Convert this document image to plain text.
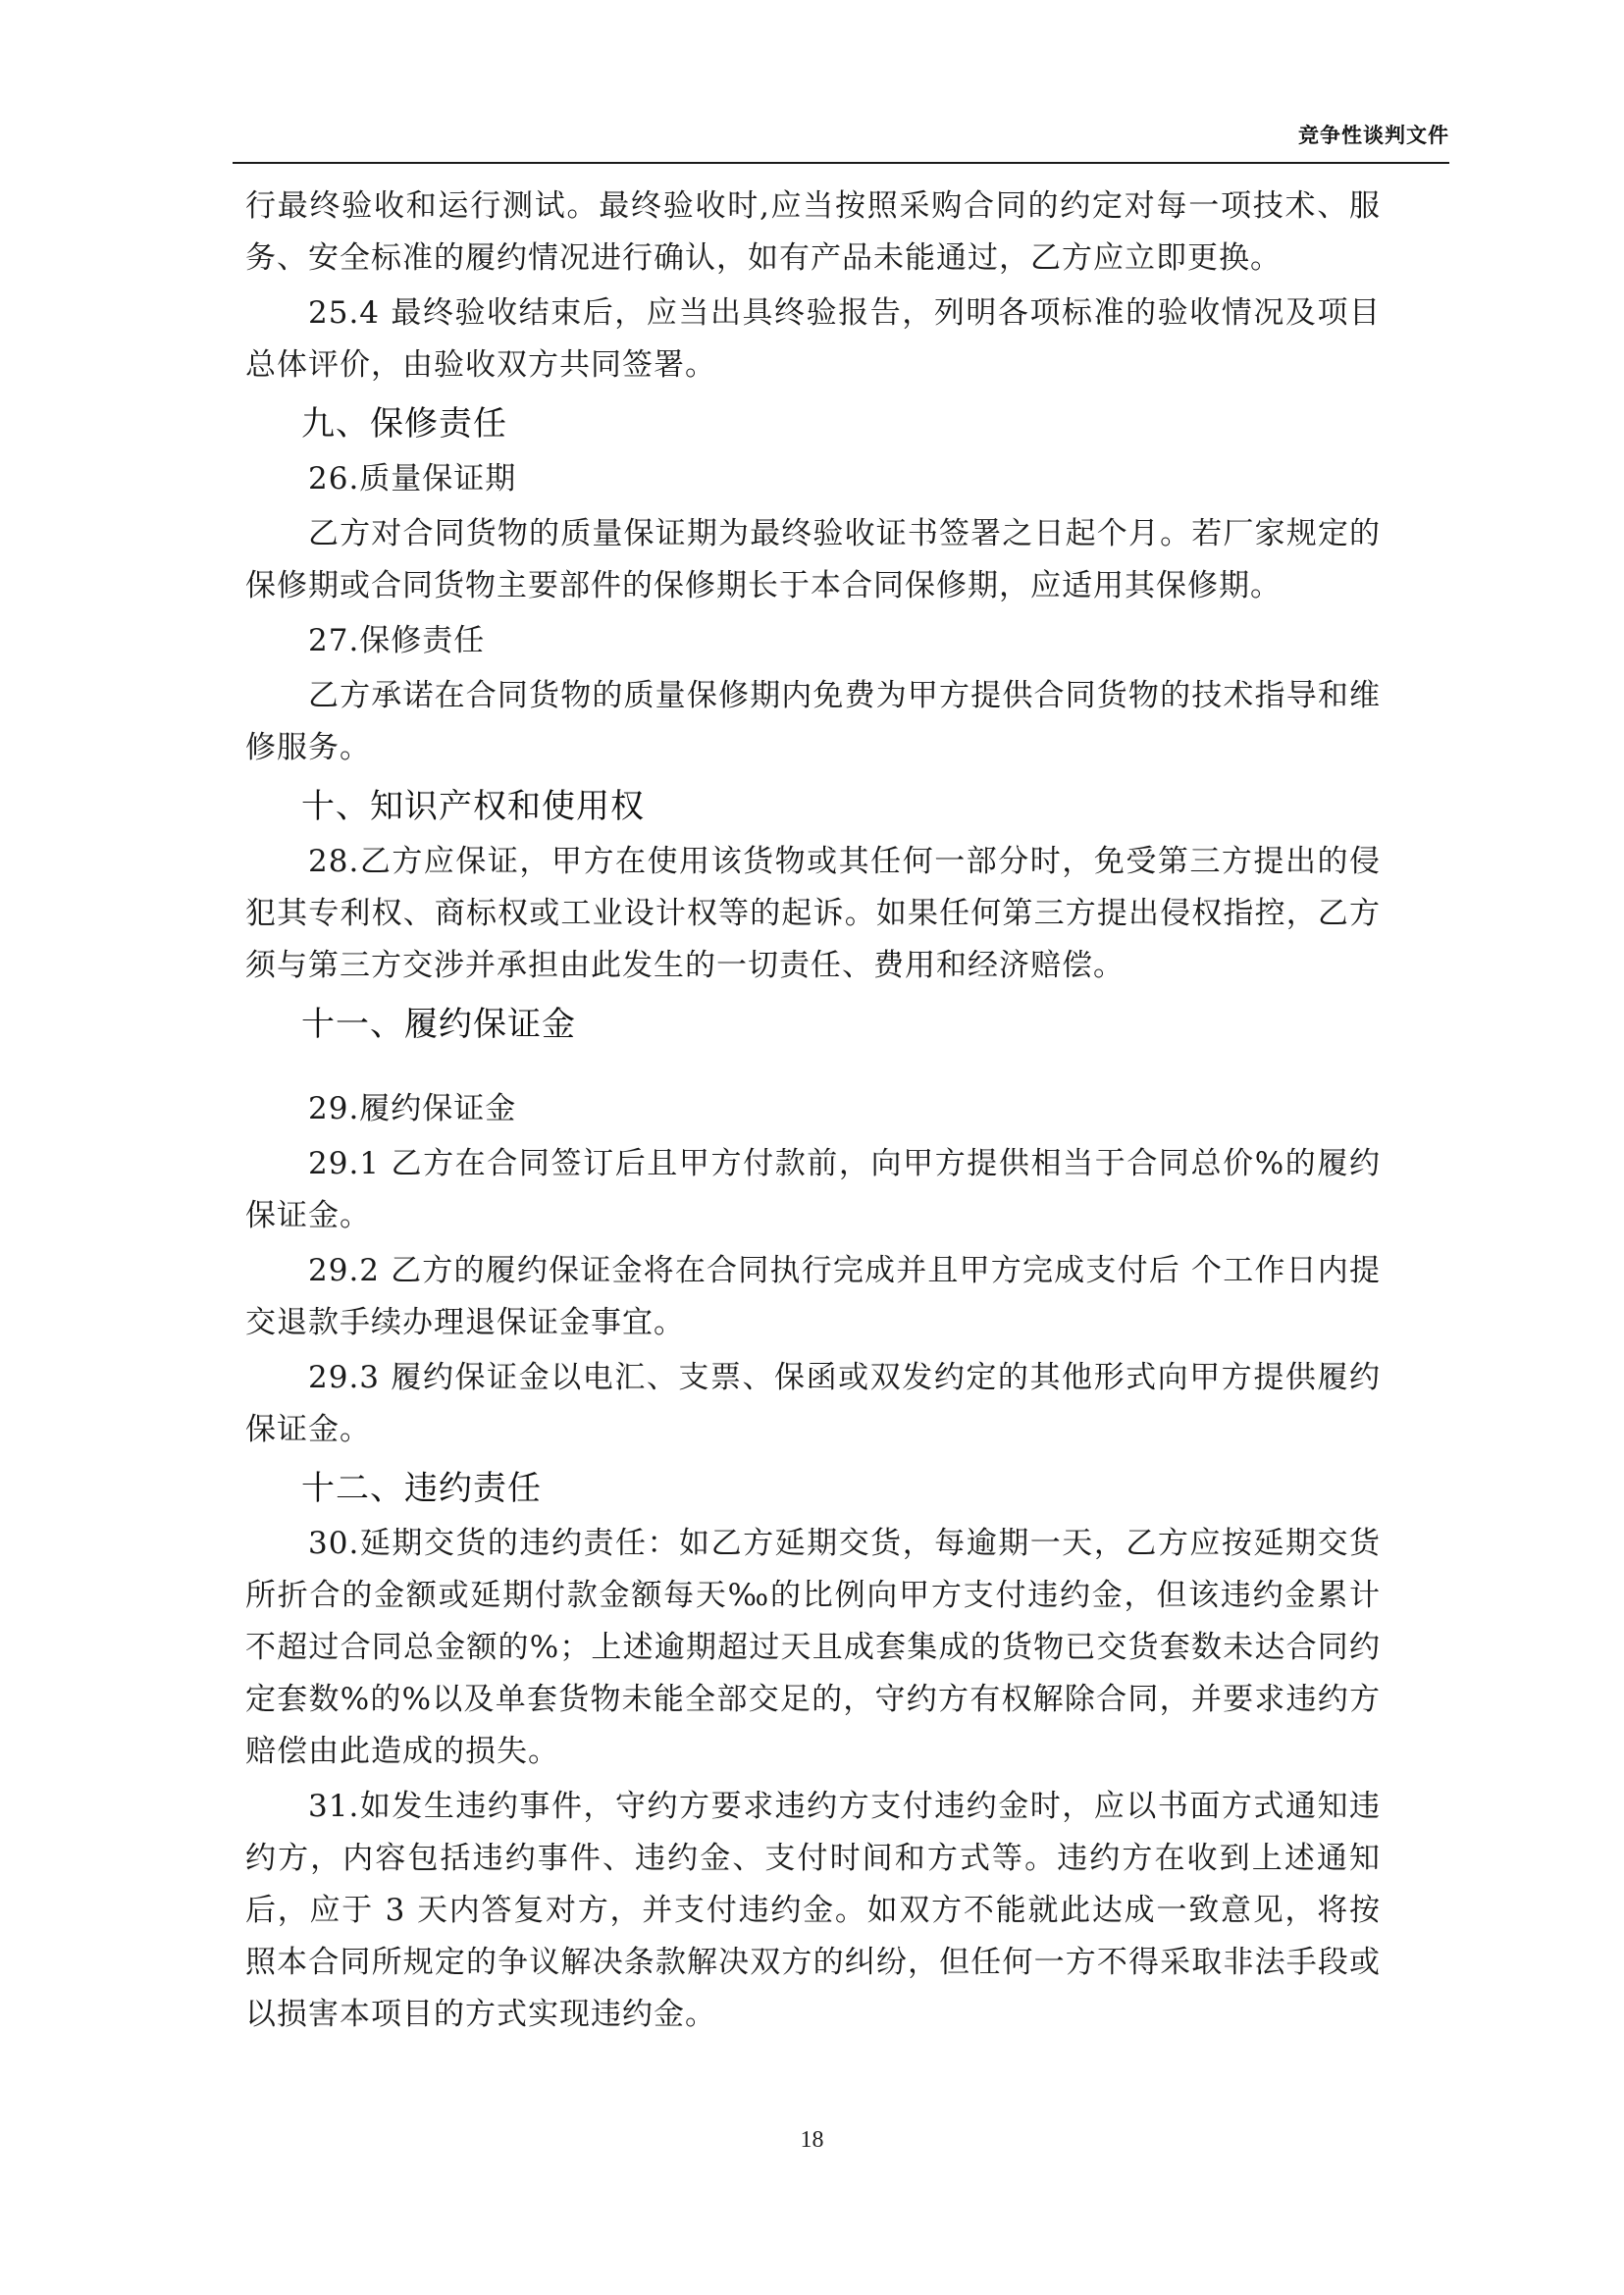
竞争性谈判文件

行最终验收和运行测试。最终验收时,应当按照采购合同的约定对每一项技术、服务、安全标准的履约情况进行确认，如有产品未能通过，乙方应立即更换。

25.4 最终验收结束后，应当出具终验报告，列明各项标准的验收情况及项目总体评价，由验收双方共同签署。

九、保修责任

26.质量保证期

乙方对合同货物的质量保证期为最终验收证书签署之日起个月。若厂家规定的保修期或合同货物主要部件的保修期长于本合同保修期，应适用其保修期。

27.保修责任

乙方承诺在合同货物的质量保修期内免费为甲方提供合同货物的技术指导和维修服务。

十、知识产权和使用权

28.乙方应保证，甲方在使用该货物或其任何一部分时，免受第三方提出的侵犯其专利权、商标权或工业设计权等的起诉。如果任何第三方提出侵权指控，乙方须与第三方交涉并承担由此发生的一切责任、费用和经济赔偿。

十一、履约保证金

29.履约保证金

29.1 乙方在合同签订后且甲方付款前，向甲方提供相当于合同总价%的履约保证金。

29.2 乙方的履约保证金将在合同执行完成并且甲方完成支付后 个工作日内提交退款手续办理退保证金事宜。

29.3 履约保证金以电汇、支票、保函或双发约定的其他形式向甲方提供履约保证金。

十二、违约责任

30.延期交货的违约责任：如乙方延期交货，每逾期一天，乙方应按延期交货所折合的金额或延期付款金额每天‰的比例向甲方支付违约金，但该违约金累计不超过合同总金额的%；上述逾期超过天且成套集成的货物已交货套数未达合同约定套数%的%以及单套货物未能全部交足的，守约方有权解除合同，并要求违约方赔偿由此造成的损失。

31.如发生违约事件，守约方要求违约方支付违约金时，应以书面方式通知违约方，内容包括违约事件、违约金、支付时间和方式等。违约方在收到上述通知后，应于 3 天内答复对方，并支付违约金。如双方不能就此达成一致意见，将按照本合同所规定的争议解决条款解决双方的纠纷，但任何一方不得采取非法手段或以损害本项目的方式实现违约金。

18
